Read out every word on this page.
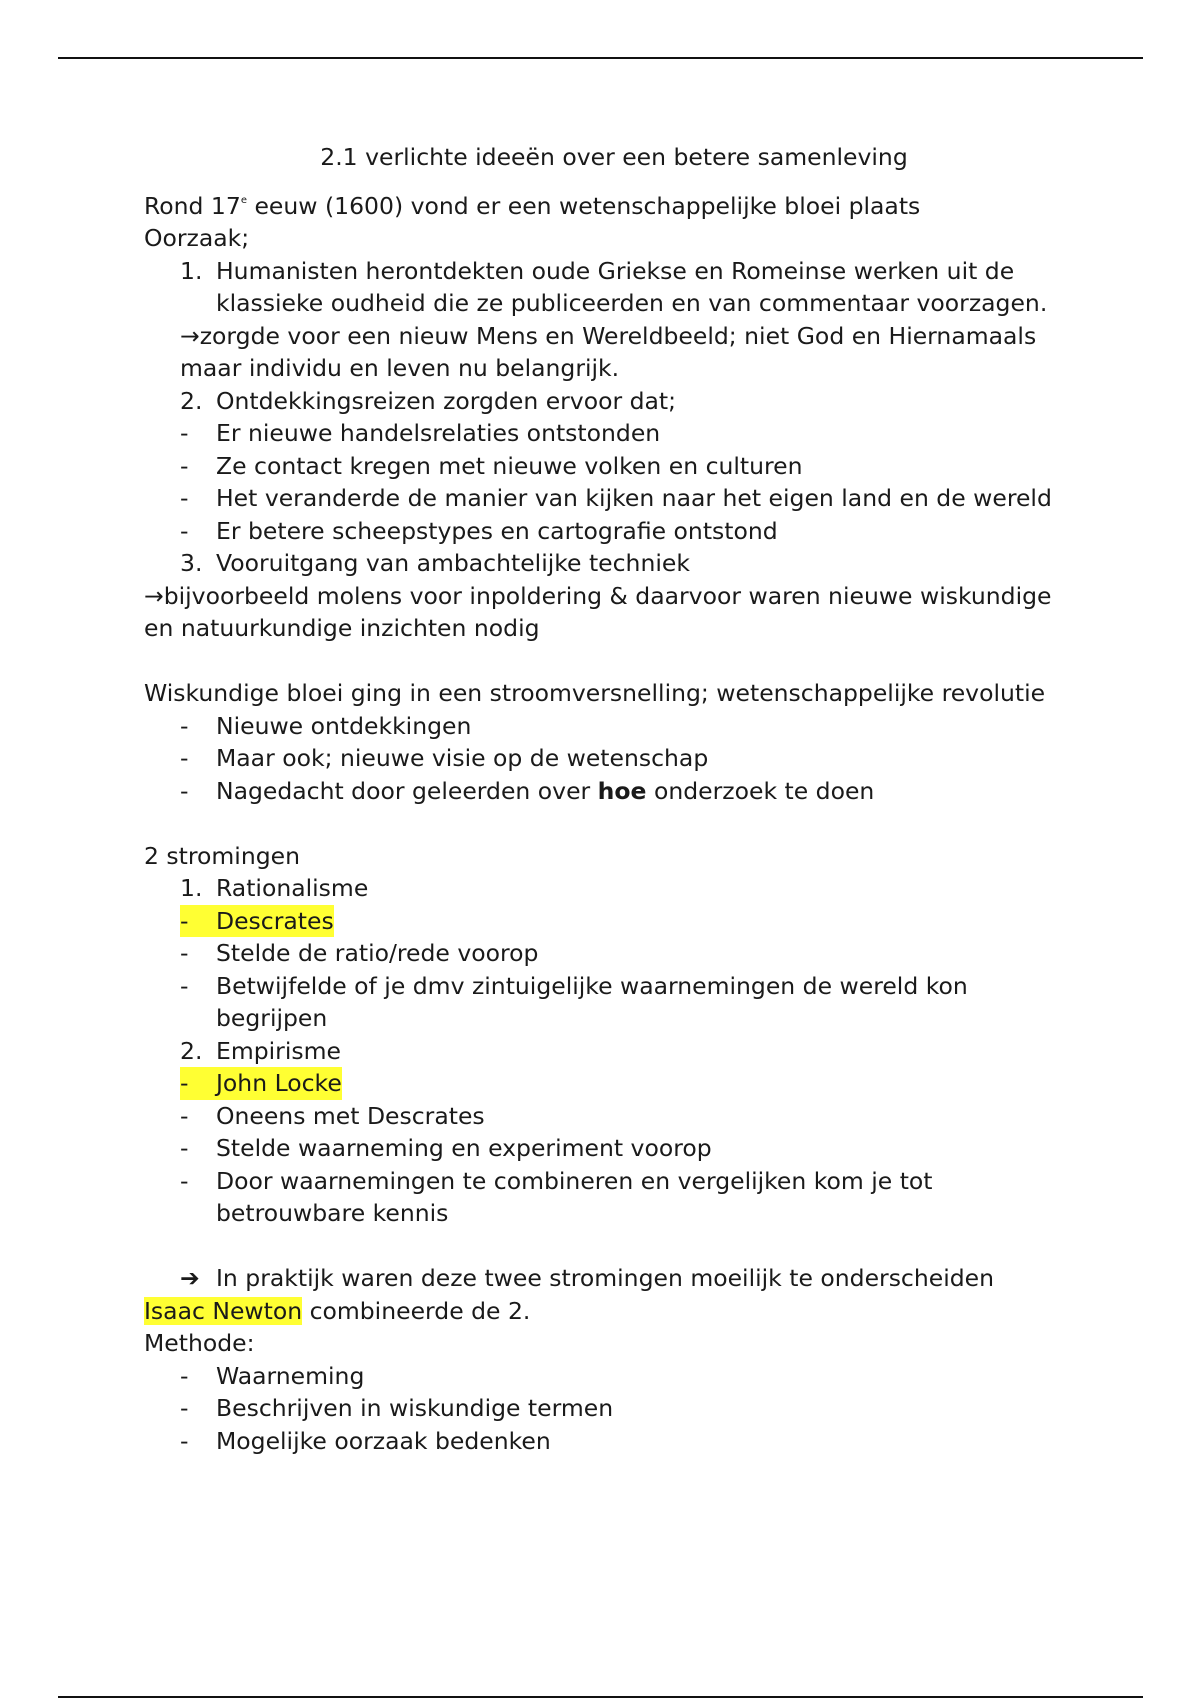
2.1 verlichte ideeën over een betere samenleving
Rond 17e eeuw (1600) vond er een wetenschappelijke bloei plaats
Oorzaak;
1. Humanisten herontdekten oude Griekse en Romeinse werken uit de klassieke oudheid die ze publiceerden en van commentaar voorzagen.
→zorgde voor een nieuw Mens en Wereldbeeld; niet God en Hiernamaals maar individu en leven nu belangrijk.
2. Ontdekkingsreizen zorgden ervoor dat;
-	Er nieuwe handelsrelaties ontstonden
-	Ze contact kregen met nieuwe volken en culturen
-	Het veranderde de manier van kijken naar het eigen land en de wereld
-	Er betere scheepstypes en cartografie ontstond
3. Vooruitgang van ambachtelijke techniek
→bijvoorbeeld molens voor inpoldering & daarvoor waren nieuwe wiskundige en natuurkundige inzichten nodig
Wiskundige bloei ging in een stroomversnelling; wetenschappelijke revolutie
-	Nieuwe ontdekkingen
-	Maar ook; nieuwe visie op de wetenschap
-	Nagedacht door geleerden over hoe onderzoek te doen
2 stromingen
1. Rationalisme
-	Descrates
-	Stelde de ratio/rede voorop
-	Betwijfelde of je dmv zintuigelijke waarnemingen de wereld kon begrijpen
2. Empirisme
-	John Locke
-	Oneens met Descrates
-	Stelde waarneming en experiment voorop
-	Door waarnemingen te combineren en vergelijken kom je tot betrouwbare kennis
➔ In praktijk waren deze twee stromingen moeilijk te onderscheiden
Isaac Newton combineerde de 2.
Methode:
-	Waarneming
-	Beschrijven in wiskundige termen
-	Mogelijke oorzaak bedenken
